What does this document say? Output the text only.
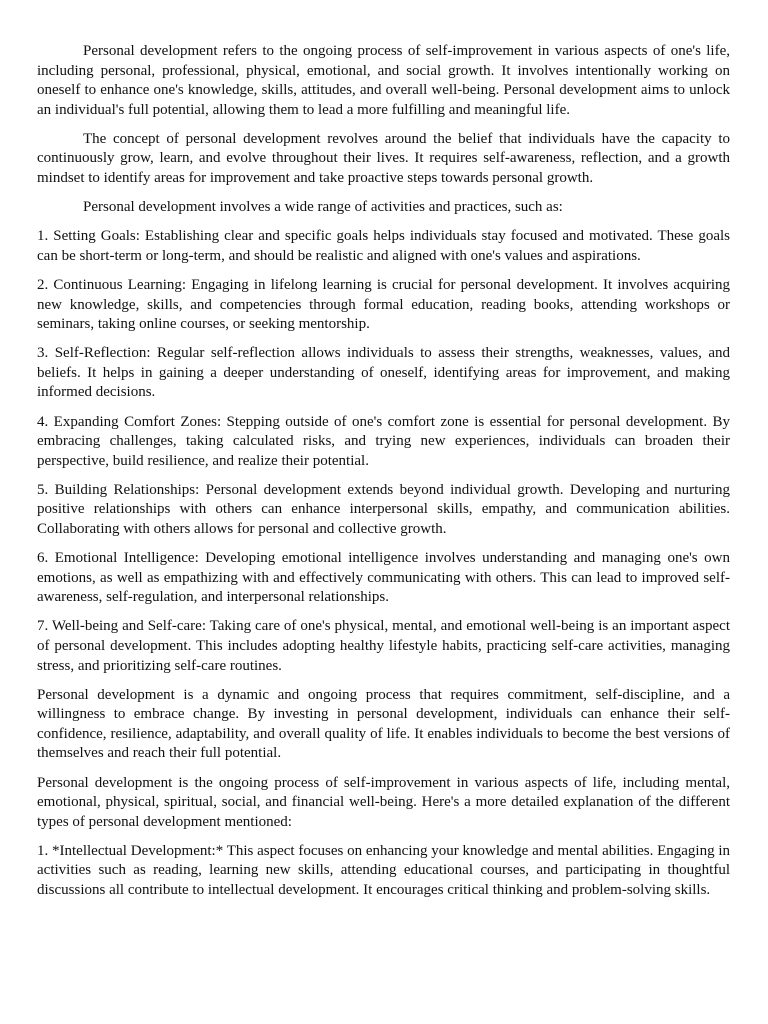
Personal development refers to the ongoing process of self-improvement in various aspects of one's life, including personal, professional, physical, emotional, and social growth. It involves intentionally working on oneself to enhance one's knowledge, skills, attitudes, and overall well-being. Personal development aims to unlock an individual's full potential, allowing them to lead a more fulfilling and meaningful life.

The concept of personal development revolves around the belief that individuals have the capacity to continuously grow, learn, and evolve throughout their lives. It requires self-awareness, reflection, and a growth mindset to identify areas for improvement and take proactive steps towards personal growth.

Personal development involves a wide range of activities and practices, such as:

1. Setting Goals: Establishing clear and specific goals helps individuals stay focused and motivated. These goals can be short-term or long-term, and should be realistic and aligned with one's values and aspirations.

2. Continuous Learning: Engaging in lifelong learning is crucial for personal development. It involves acquiring new knowledge, skills, and competencies through formal education, reading books, attending workshops or seminars, taking online courses, or seeking mentorship.

3. Self-Reflection: Regular self-reflection allows individuals to assess their strengths, weaknesses, values, and beliefs. It helps in gaining a deeper understanding of oneself, identifying areas for improvement, and making informed decisions.

4. Expanding Comfort Zones: Stepping outside of one's comfort zone is essential for personal development. By embracing challenges, taking calculated risks, and trying new experiences, individuals can broaden their perspective, build resilience, and realize their potential.

5. Building Relationships: Personal development extends beyond individual growth. Developing and nurturing positive relationships with others can enhance interpersonal skills, empathy, and communication abilities. Collaborating with others allows for personal and collective growth.

6. Emotional Intelligence: Developing emotional intelligence involves understanding and managing one's own emotions, as well as empathizing with and effectively communicating with others. This can lead to improved self-awareness, self-regulation, and interpersonal relationships.

7. Well-being and Self-care: Taking care of one's physical, mental, and emotional well-being is an important aspect of personal development. This includes adopting healthy lifestyle habits, practicing self-care activities, managing stress, and prioritizing self-care routines.

Personal development is a dynamic and ongoing process that requires commitment, self-discipline, and a willingness to embrace change. By investing in personal development, individuals can enhance their self-confidence, resilience, adaptability, and overall quality of life. It enables individuals to become the best versions of themselves and reach their full potential.

Personal development is the ongoing process of self-improvement in various aspects of life, including mental, emotional, physical, spiritual, social, and financial well-being. Here's a more detailed explanation of the different types of personal development mentioned:

1. *Intellectual Development:* This aspect focuses on enhancing your knowledge and mental abilities. Engaging in activities such as reading, learning new skills, attending educational courses, and participating in thoughtful discussions all contribute to intellectual development. It encourages critical thinking and problem-solving skills.
